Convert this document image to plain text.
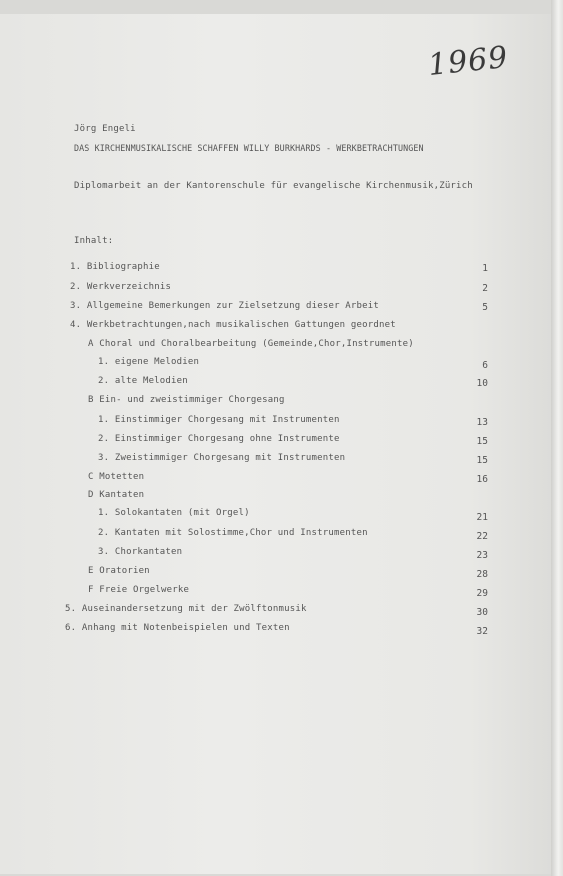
1969
Jörg Engeli
DAS KIRCHENMUSIKALISCHE SCHAFFEN WILLY BURKHARDS - WERKBETRACHTUNGEN
Diplomarbeit an der Kantorenschule für evangelische Kirchenmusik,Zürich
Inhalt:
1. Bibliographie	1
2. Werkverzeichnis	2
3. Allgemeine Bemerkungen zur Zielsetzung dieser Arbeit	5
4. Werkbetrachtungen,nach musikalischen Gattungen geordnet
A Choral und Choralbearbeitung (Gemeinde,Chor,Instrumente)
1. eigene Melodien	6
2. alte Melodien	10
B Ein- und zweistimmiger Chorgesang
1. Einstimmiger Chorgesang mit Instrumenten	13
2. Einstimmiger Chorgesang ohne Instrumente	15
3. Zweistimmiger Chorgesang mit Instrumenten	15
C Motetten	16
D Kantaten
1. Solokantaten (mit Orgel)	21
2. Kantaten mit Solostimme,Chor und Instrumenten	22
3. Chorkantaten	23
E Oratorien	28
F Freie Orgelwerke	29
5. Auseinandersetzung mit der Zwölftonmusik	30
6. Anhang mit Notenbeispielen und Texten	32
